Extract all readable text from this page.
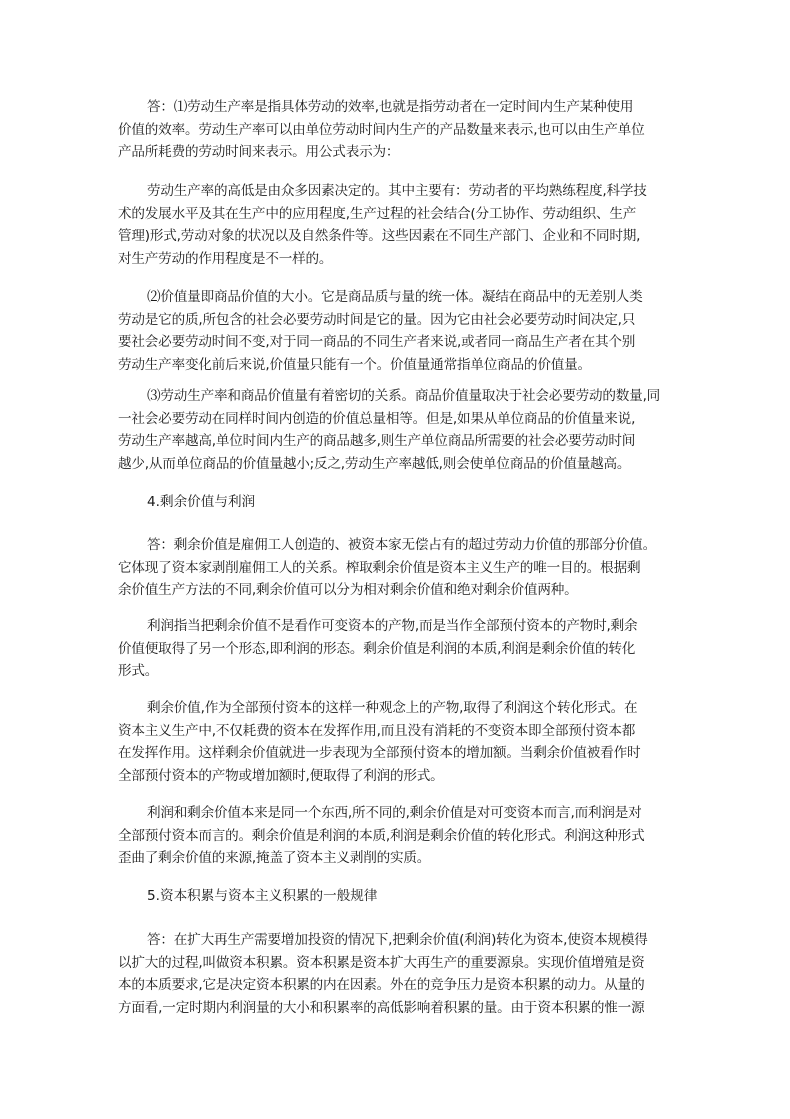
答：⑴劳动生产率是指具体劳动的效率,也就是指劳动者在一定时间内生产某种使用
价值的效率。劳动生产率可以由单位劳动时间内生产的产品数量来表示,也可以由生产单位
产品所耗费的劳动时间来表示。用公式表示为：

劳动生产率的高低是由众多因素决定的。其中主要有：劳动者的平均熟练程度,科学技
术的发展水平及其在生产中的应用程度,生产过程的社会结合(分工协作、劳动组织、生产
管理)形式,劳动对象的状况以及自然条件等。这些因素在不同生产部门、企业和不同时期,
对生产劳动的作用程度是不一样的。

⑵价值量即商品价值的大小。它是商品质与量的统一体。凝结在商品中的无差别人类
劳动是它的质,所包含的社会必要劳动时间是它的量。因为它由社会必要劳动时间决定,只
要社会必要劳动时间不变,对于同一商品的不同生产者来说,或者同一商品生产者在其个别
劳动生产率变化前后来说,价值量只能有一个。价值量通常指单位商品的价值量。

⑶劳动生产率和商品价值量有着密切的关系。商品价值量取决于社会必要劳动的数量,同
一社会必要劳动在同样时间内创造的价值总量相等。但是,如果从单位商品的价值量来说,
劳动生产率越高,单位时间内生产的商品越多,则生产单位商品所需要的社会必要劳动时间
越少,从而单位商品的价值量越小;反之,劳动生产率越低,则会使单位商品的价值量越高。

4.剩余价值与利润

答：剩余价值是雇佣工人创造的、被资本家无偿占有的超过劳动力价值的那部分价值。
它体现了资本家剥削雇佣工人的关系。榨取剩余价值是资本主义生产的唯一目的。根据剩
余价值生产方法的不同,剩余价值可以分为相对剩余价值和绝对剩余价值两种。

利润指当把剩余价值不是看作可变资本的产物,而是当作全部预付资本的产物时,剩余
价值便取得了另一个形态,即利润的形态。剩余价值是利润的本质,利润是剩余价值的转化
形式。

剩余价值,作为全部预付资本的这样一种观念上的产物,取得了利润这个转化形式。在
资本主义生产中,不仅耗费的资本在发挥作用,而且没有消耗的不变资本即全部预付资本都
在发挥作用。这样剩余价值就进一步表现为全部预付资本的增加额。当剩余价值被看作时
全部预付资本的产物或增加额时,便取得了利润的形式。

利润和剩余价值本来是同一个东西,所不同的,剩余价值是对可变资本而言,而利润是对
全部预付资本而言的。剩余价值是利润的本质,利润是剩余价值的转化形式。利润这种形式
歪曲了剩余价值的来源,掩盖了资本主义剥削的实质。

5.资本积累与资本主义积累的一般规律

答：在扩大再生产需要增加投资的情况下,把剩余价值(利润)转化为资本,使资本规模得
以扩大的过程,叫做资本积累。资本积累是资本扩大再生产的重要源泉。实现价值增殖是资
本的本质要求,它是决定资本积累的内在因素。外在的竞争压力是资本积累的动力。从量的
方面看,一定时期内利润量的大小和积累率的高低影响着积累的量。由于资本积累的惟一源
